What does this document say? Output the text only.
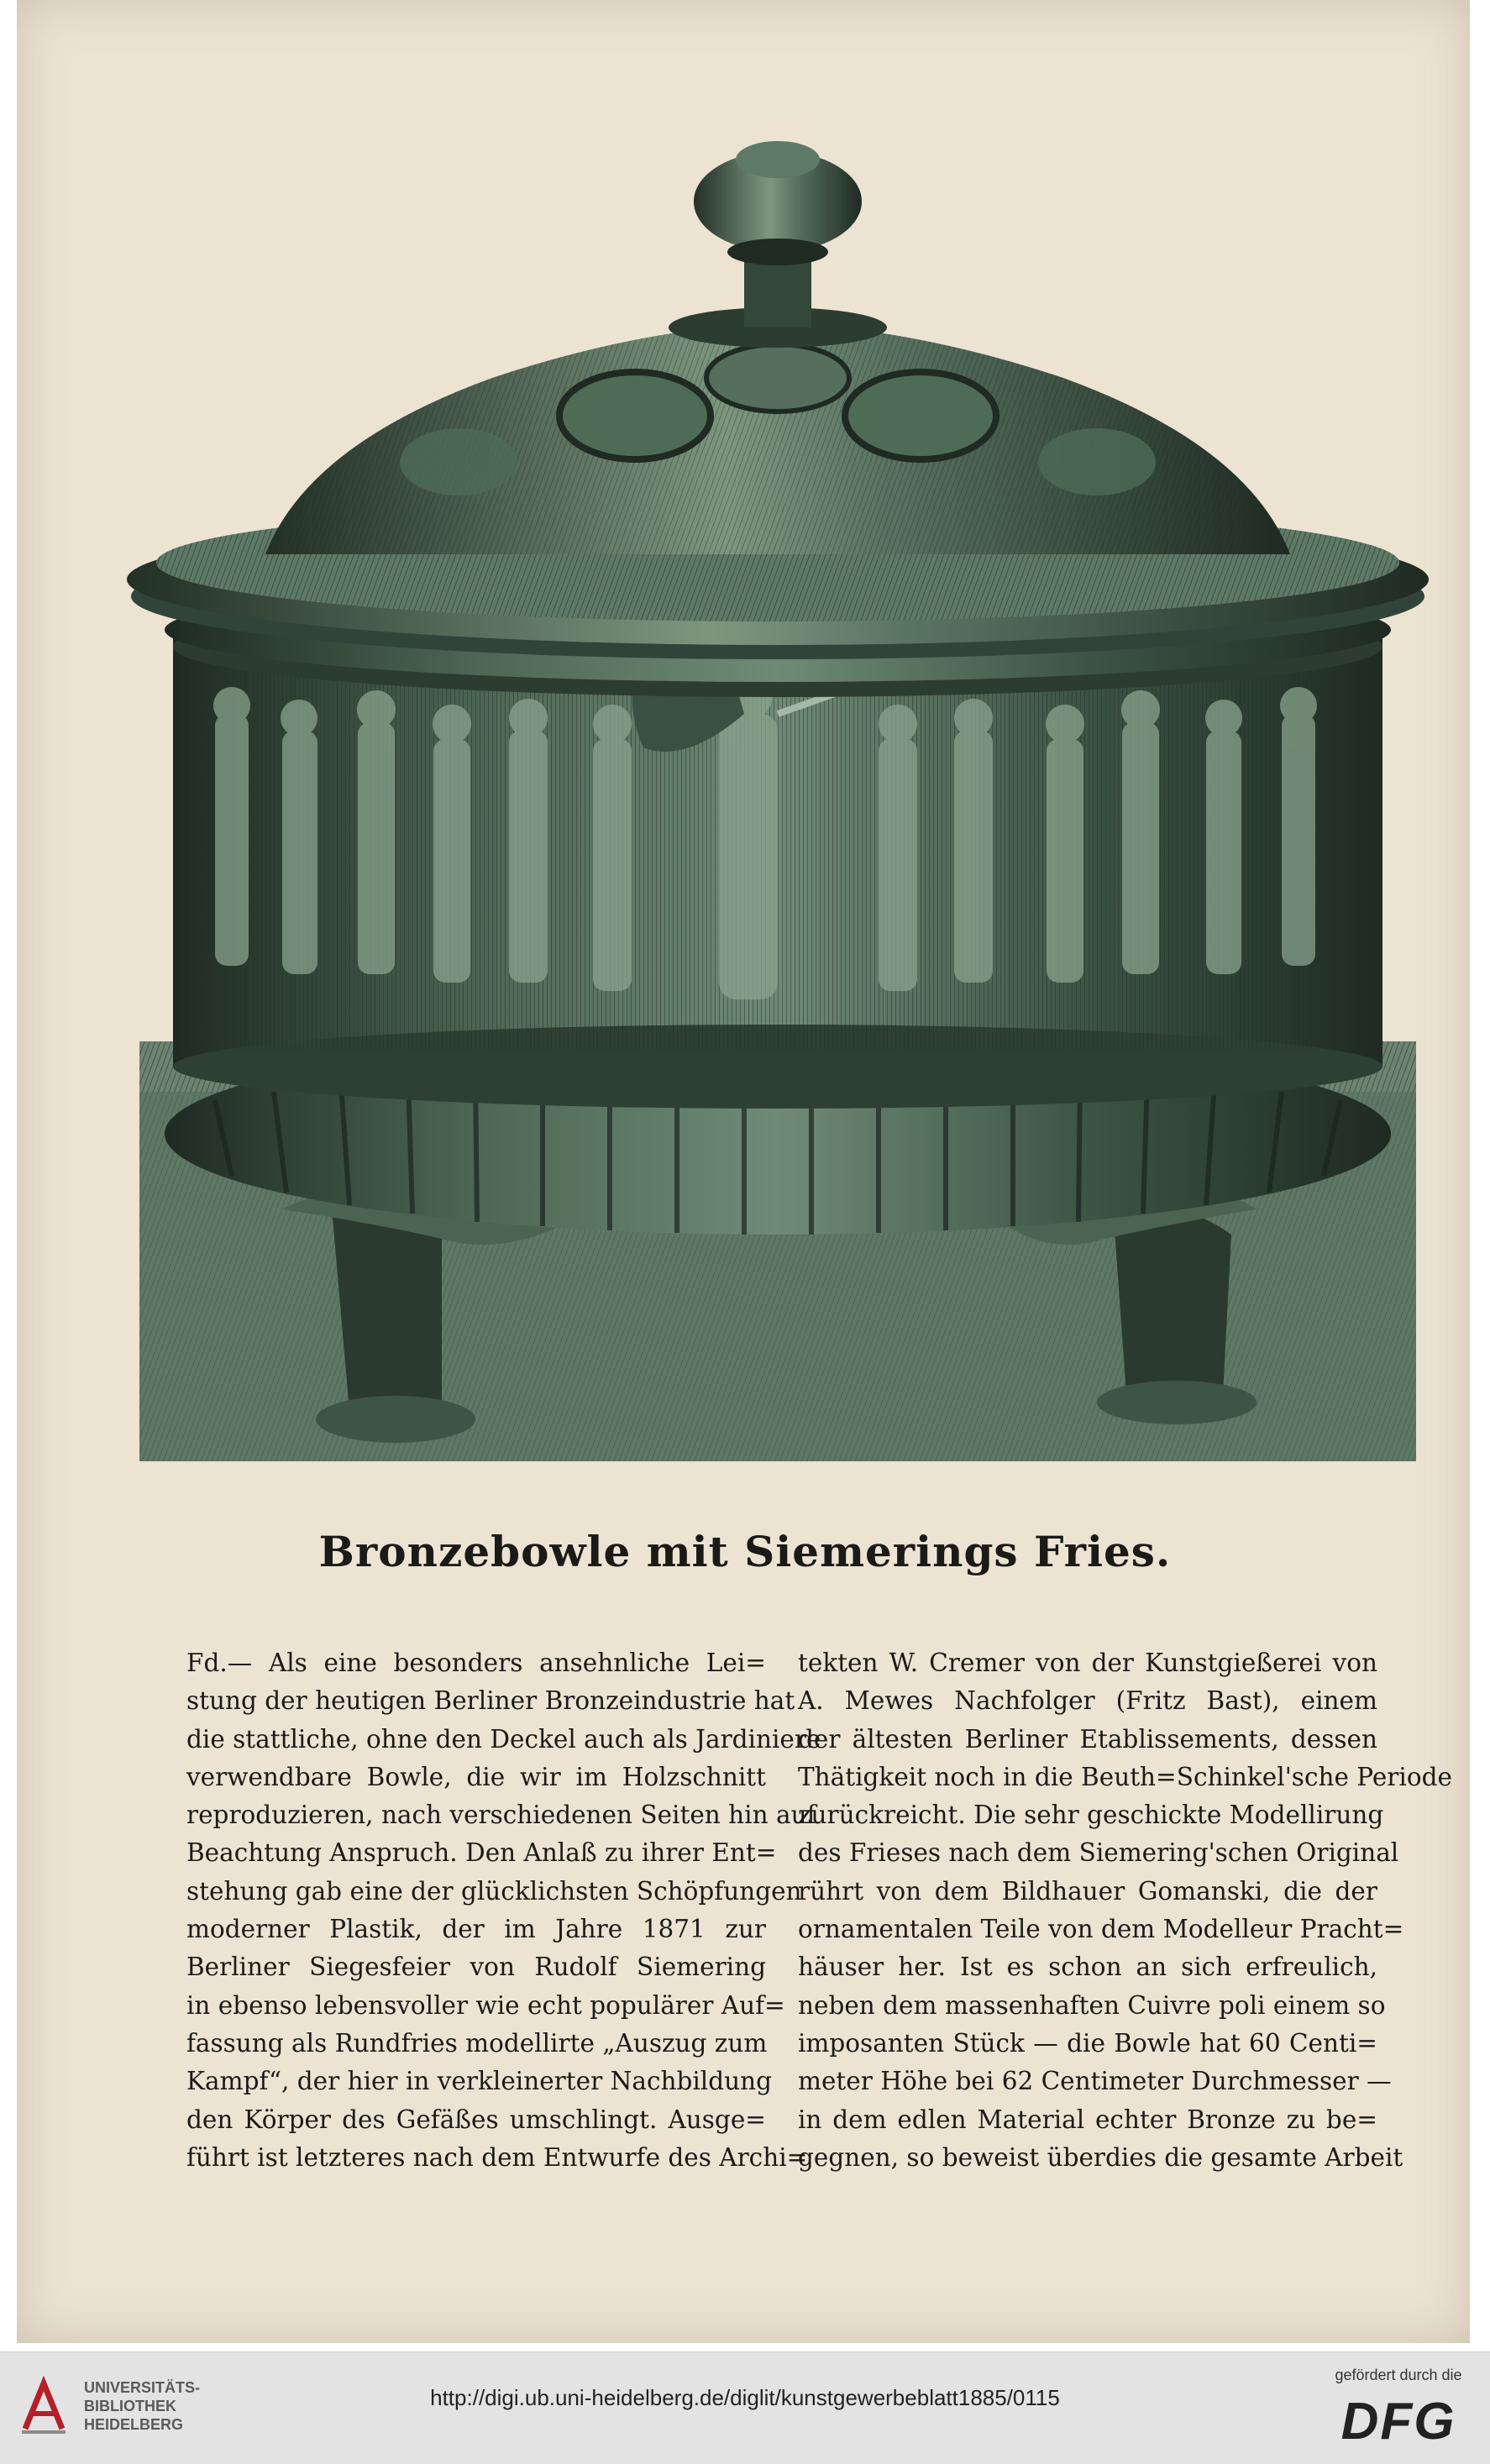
Bronzebowle mit Siemerings Fries.
Fd.— Als eine besonders ansehnliche Lei=
stung der heutigen Berliner Bronzeindustrie hat
die stattliche, ohne den Deckel auch als Jardiniere
verwendbare Bowle, die wir im Holzschnitt
reproduzieren, nach verschiedenen Seiten hin auf
Beachtung Anspruch. Den Anlaß zu ihrer Ent=
stehung gab eine der glücklichsten Schöpfungen
moderner Plastik, der im Jahre 1871 zur
Berliner Siegesfeier von Rudolf Siemering
in ebenso lebensvoller wie echt populärer Auf=
fassung als Rundfries modellirte „Auszug zum
Kampf“, der hier in verkleinerter Nachbildung
den Körper des Gefäßes umschlingt. Ausge=
führt ist letzteres nach dem Entwurfe des Archi=
tekten W. Cremer von der Kunstgießerei von
A. Mewes Nachfolger (Fritz Bast), einem
der ältesten Berliner Etablissements, dessen
Thätigkeit noch in die Beuth=Schinkel'sche Periode
zurückreicht. Die sehr geschickte Modellirung
des Frieses nach dem Siemering'schen Original
rührt von dem Bildhauer Gomanski, die der
ornamentalen Teile von dem Modelleur Pracht=
häuser her. Ist es schon an sich erfreulich,
neben dem massenhaften Cuivre poli einem so
imposanten Stück — die Bowle hat 60 Centi=
meter Höhe bei 62 Centimeter Durchmesser —
in dem edlen Material echter Bronze zu be=
gegnen, so beweist überdies die gesamte Arbeit
UNIVERSITÄTS-
BIBLIOTHEK
HEIDELBERG
http://digi.ub.uni-heidelberg.de/diglit/kunstgewerbeblatt1885/0115
gefördert durch die
DFG
